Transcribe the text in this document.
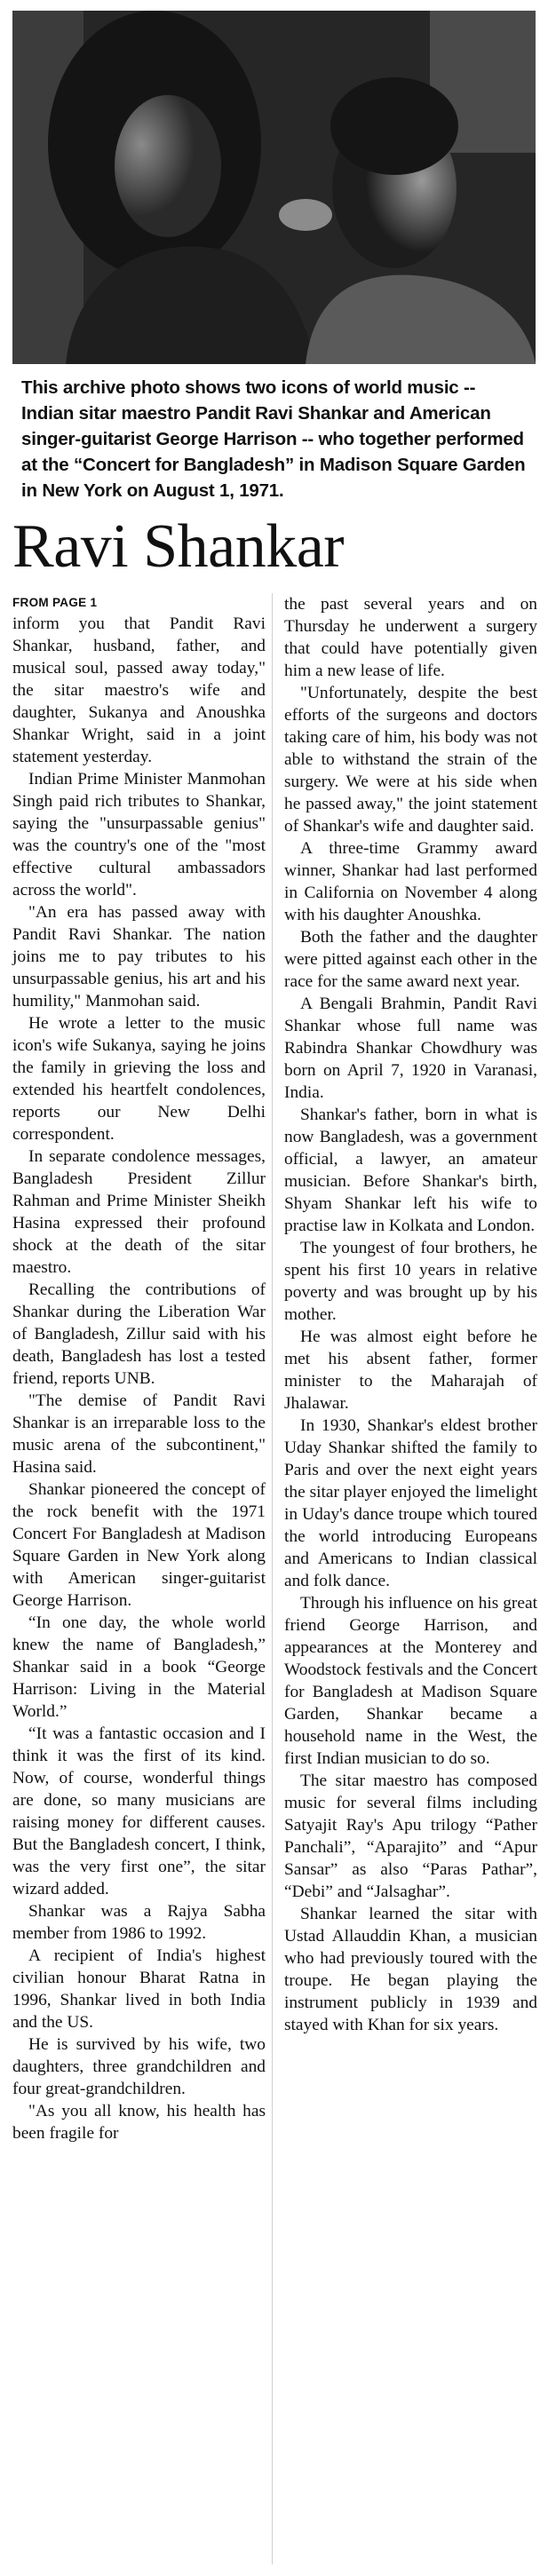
This archive photo shows two icons of world music -- Indian sitar maestro Pandit Ravi Shankar and American singer-guitarist George Harrison -- who together performed at the “Concert for Bangladesh” in Madison Square Garden in New York on August 1, 1971.
Ravi Shankar
FROM PAGE 1

inform you that Pandit Ravi Shankar, husband, father, and musical soul, passed away today," the sitar maestro's wife and daughter, Sukanya and Anoushka Shankar Wright, said in a joint statement yesterday.

Indian Prime Minister Manmohan Singh paid rich tributes to Shankar, saying the "unsurpassable genius" was the country's one of the "most effective cultural ambassadors across the world".

"An era has passed away with Pandit Ravi Shankar. The nation joins me to pay tributes to his unsurpassable genius, his art and his humility," Manmohan said.

He wrote a letter to the music icon's wife Sukanya, saying he joins the family in grieving the loss and extended his heartfelt condolences, reports our New Delhi correspondent.

In separate condolence messages, Bangladesh President Zillur Rahman and Prime Minister Sheikh Hasina expressed their profound shock at the death of the sitar maestro.

Recalling the contributions of Shankar during the Liberation War of Bangladesh, Zillur said with his death, Bangladesh has lost a tested friend, reports UNB.

"The demise of Pandit Ravi Shankar is an irreparable loss to the music arena of the subcontinent," Hasina said.

Shankar pioneered the concept of the rock benefit with the 1971 Concert For Bangladesh at Madison Square Garden in New York along with American singer-guitarist George Harrison.

“In one day, the whole world knew the name of Bangladesh,” Shankar said in a book “George Harrison: Living in the Material World.”

“It was a fantastic occasion and I think it was the first of its kind. Now, of course, wonderful things are done, so many musicians are raising money for different causes. But the Bangladesh concert, I think, was the very first one”, the sitar wizard added.

Shankar was a Rajya Sabha member from 1986 to 1992.

A recipient of India's highest civilian honour Bharat Ratna in 1996, Shankar lived in both India and the US.

He is survived by his wife, two daughters, three grandchildren and four great-grandchildren.

"As you all know, his health has been fragile for

the past several years and on Thursday he underwent a surgery that could have potentially given him a new lease of life.

"Unfortunately, despite the best efforts of the surgeons and doctors taking care of him, his body was not able to withstand the strain of the surgery. We were at his side when he passed away," the joint statement of Shankar's wife and daughter said.

A three-time Grammy award winner, Shankar had last performed in California on November 4 along with his daughter Anoushka.

Both the father and the daughter were pitted against each other in the race for the same award next year.

A Bengali Brahmin, Pandit Ravi Shankar whose full name was Rabindra Shankar Chowdhury was born on April 7, 1920 in Varanasi, India.

Shankar's father, born in what is now Bangladesh, was a government official, a lawyer, an amateur musician. Before Shankar's birth, Shyam Shankar left his wife to practise law in Kolkata and London.

The youngest of four brothers, he spent his first 10 years in relative poverty and was brought up by his mother.

He was almost eight before he met his absent father, former minister to the Maharajah of Jhalawar.

In 1930, Shankar's eldest brother Uday Shankar shifted the family to Paris and over the next eight years the sitar player enjoyed the limelight in Uday's dance troupe which toured the world introducing Europeans and Americans to Indian classical and folk dance.

Through his influence on his great friend George Harrison, and appearances at the Monterey and Woodstock festivals and the Concert for Bangladesh at Madison Square Garden, Shankar became a household name in the West, the first Indian musician to do so.

The sitar maestro has composed music for several films including Satyajit Ray's Apu trilogy “Pather Panchali”, “Aparajito” and “Apur Sansar” as also “Paras Pathar”, “Debi” and “Jalsaghar”.

Shankar learned the sitar with Ustad Allauddin Khan, a musician who had previously toured with the troupe. He began playing the instrument publicly in 1939 and stayed with Khan for six years.
